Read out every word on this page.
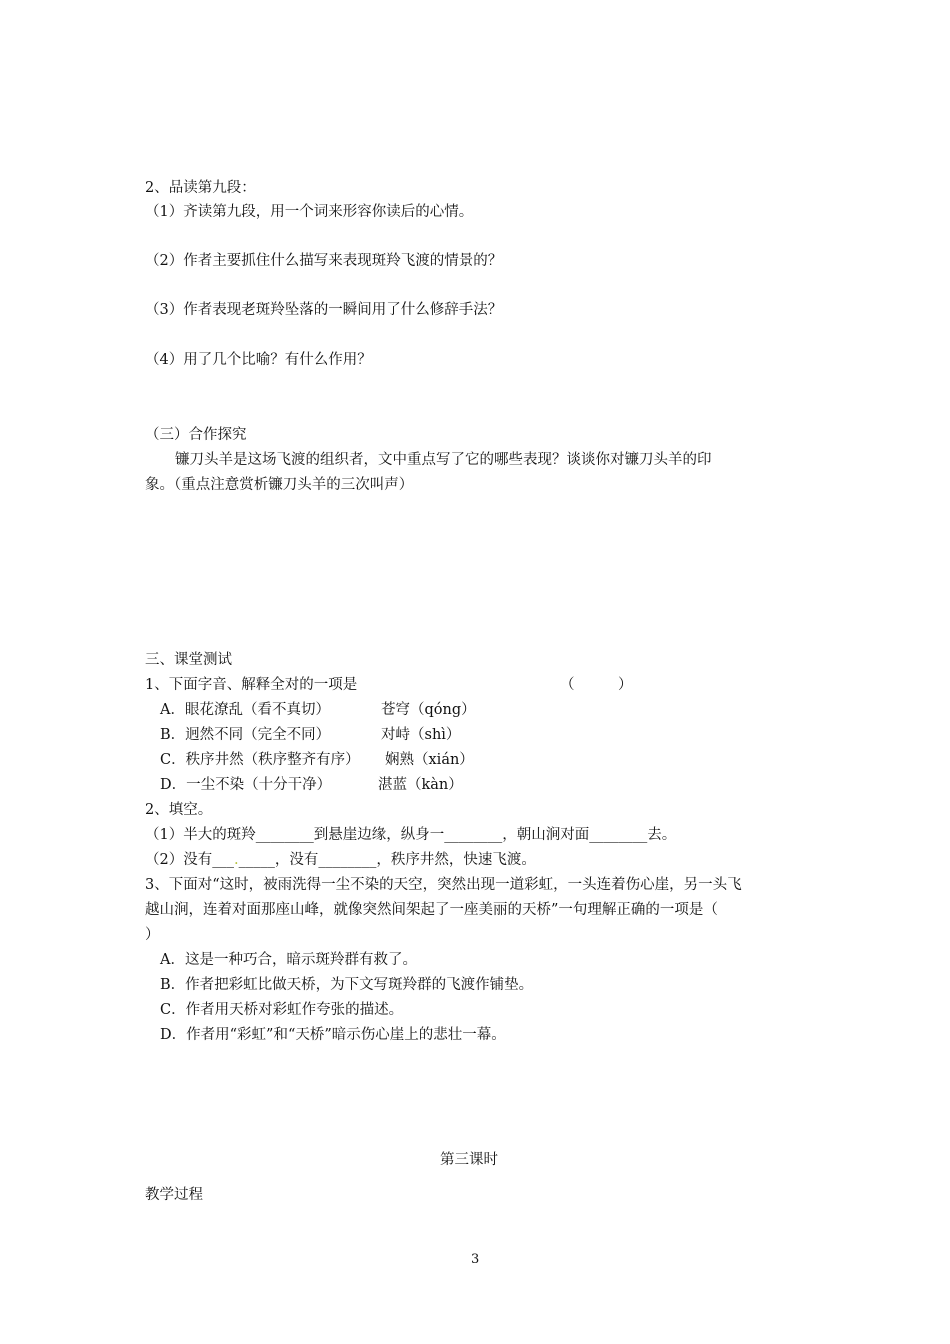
2、品读第九段：
（1）齐读第九段，用一个词来形容你读后的心情。
（2）作者主要抓住什么描写来表现斑羚飞渡的情景的？
（3）作者表现老斑羚坠落的一瞬间用了什么修辞手法？
（4）用了几个比喻？有什么作用？
（三）合作探究
镰刀头羊是这场飞渡的组织者，文中重点写了它的哪些表现？谈谈你对镰刀头羊的印
象。（重点注意赏析镰刀头羊的三次叫声）
三、课堂测试
1、下面字音、解释全对的一项是	（　　　）
A．眼花潦乱（看不真切）	苍穹（qóng）
B．迥然不同（完全不同）	对峙（shì）
C．秩序井然（秩序整齐有序） 娴熟（xián）
D．一尘不染（十分干净）	湛蓝（kàn）
2、填空。
（1）半大的斑羚________到悬崖边缘，纵身一________，朝山涧对面________去。
（2）没有___._____，没有________，秩序井然，快速飞渡。
3、下面对“这时，被雨洗得一尘不染的天空，突然出现一道彩虹，一头连着伤心崖，另一头飞
越山涧，连着对面那座山峰，就像突然间架起了一座美丽的天桥”一句理解正确的一项是（
）
A．这是一种巧合，暗示斑羚群有救了。
B．作者把彩虹比做天桥，为下文写斑羚群的飞渡作铺垫。
C．作者用天桥对彩虹作夸张的描述。
D．作者用“彩虹”和“天桥”暗示伤心崖上的悲壮一幕。
第三课时
教学过程
3
